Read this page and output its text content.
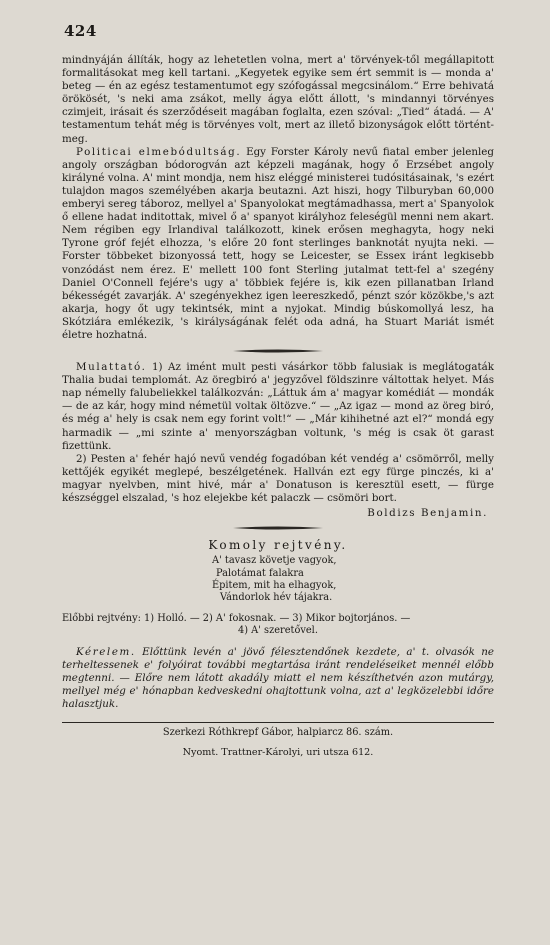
424

mindnyáján állíták, hogy az lehetetlen volna, mert a' törvények-től megállapitott formalitásokat meg kell tartani. „Kegyetek egyike sem ért semmit is — monda a' beteg — én az egész testamentumot egy szófogással megcsinálom.“ Erre behivatá örökösét, 's neki ama zsákot, melly ágya előtt állott, 's mindannyi törvényes czimjeit, irásait és szerződéseit magában foglalta, ezen szóval: „Tied“ átadá. — A' testamentum tehát még is törvényes volt, mert az illető bizonyságok előtt történt-meg.

Politicai elmebódultság. Egy Forster Károly nevű fiatal ember jelenleg angoly országban bódorogván azt képzeli magának, hogy ő Erzsébet angoly királyné volna. A' mint mondja, nem hisz eléggé ministerei tudósitásainak, 's ezért tulajdon magos személyében akarja beutazni. Azt hiszi, hogy Tilburyban 60,000 emberyi sereg táboroz, mellyel a' Spanyolokat megtámadhassa, mert a' Spanyolok ő ellene hadat inditottak, mivel ő a' spanyot királyhoz feleségül menni nem akart. Nem régiben egy Irlandival találkozott, kinek erősen meghagyta, hogy neki Tyrone gróf fejét elhozza, 's előre 20 font sterlinges banknotát nyujta neki. — Forster többeket bizonyossá tett, hogy se Leicester, se Essex iránt legkisebb vonzódást nem érez. E' mellett 100 font Sterling jutalmat tett-fel a' szegény Daniel O'Connell fejére's ugy a' többiek fejére is, kik ezen pillanatban Irland békességét zavarják. A' szegényekhez igen leereszkedő, pénzt szór közökbe,'s azt akarja, hogy őt ugy tekintsék, mint a nyjokat. Mindig búskomollyá lesz, ha Skótziára emlékezik, 's királyságának felét oda adná, ha Stuart Mariát ismét életre hozhatná.

Mulattató. 1) Az imént mult pesti vásárkor több falusiak is meglátogaták Thalia budai templomát. Az öregbiró a' jegyzővel földszinre váltottak helyet. Más nap némelly falubeliekkel találkozván: „Láttuk ám a' magyar komédiát — mondák — de az kár, hogy mind németül voltak öltözve.“ — „Az igaz — mond az öreg biró, és még a' hely is csak nem egy forint volt!“ — „Már kihihetné azt el?“ mondá egy harmadik — „mi szinte a' menyországban voltunk, 's még is csak öt garast fizettünk.

2) Pesten a' fehér hajó nevű vendég fogadóban két vendég a' csömörről, melly kettőjék egyikét meglepé, beszélgetének. Hallván ezt egy fürge pinczés, ki a' magyar nyelvben, mint hivé, már a' Donatuson is keresztül esett, — fürge készséggel elszalad, 's hoz elejekbe két palaczk — csömöri bort.

Boldizs Benjamin.
Komoly rejtvény.
A' tavasz követje vagyok,
Palotámat falakra
Épitem, mit ha elhagyok,
Vándorlok hév tájakra.
Előbbi rejtvény: 1) Holló. — 2) A' fokosnak. — 3) Mikor bojtorjános. —
4) A' szeretővel.

Kérelem. Előttünk levén a' jövő félesztendőnek kezdete, a' t. olvasók ne terheltessenek e' folyóirat további megtartása iránt rendeléseiket mennél előbb megtenni. — Előre nem látott akadály miatt el nem készíthetvén azon mutárgy, mellyel még e' hónapban kedveskedni ohajtottunk volna, azt a' legközelebbi időre halasztjuk.

Szerkezi Róthkrepf Gábor, halpiarcz 86. szám.

Nyomt. Trattner-Károlyi, uri utsza 612.
